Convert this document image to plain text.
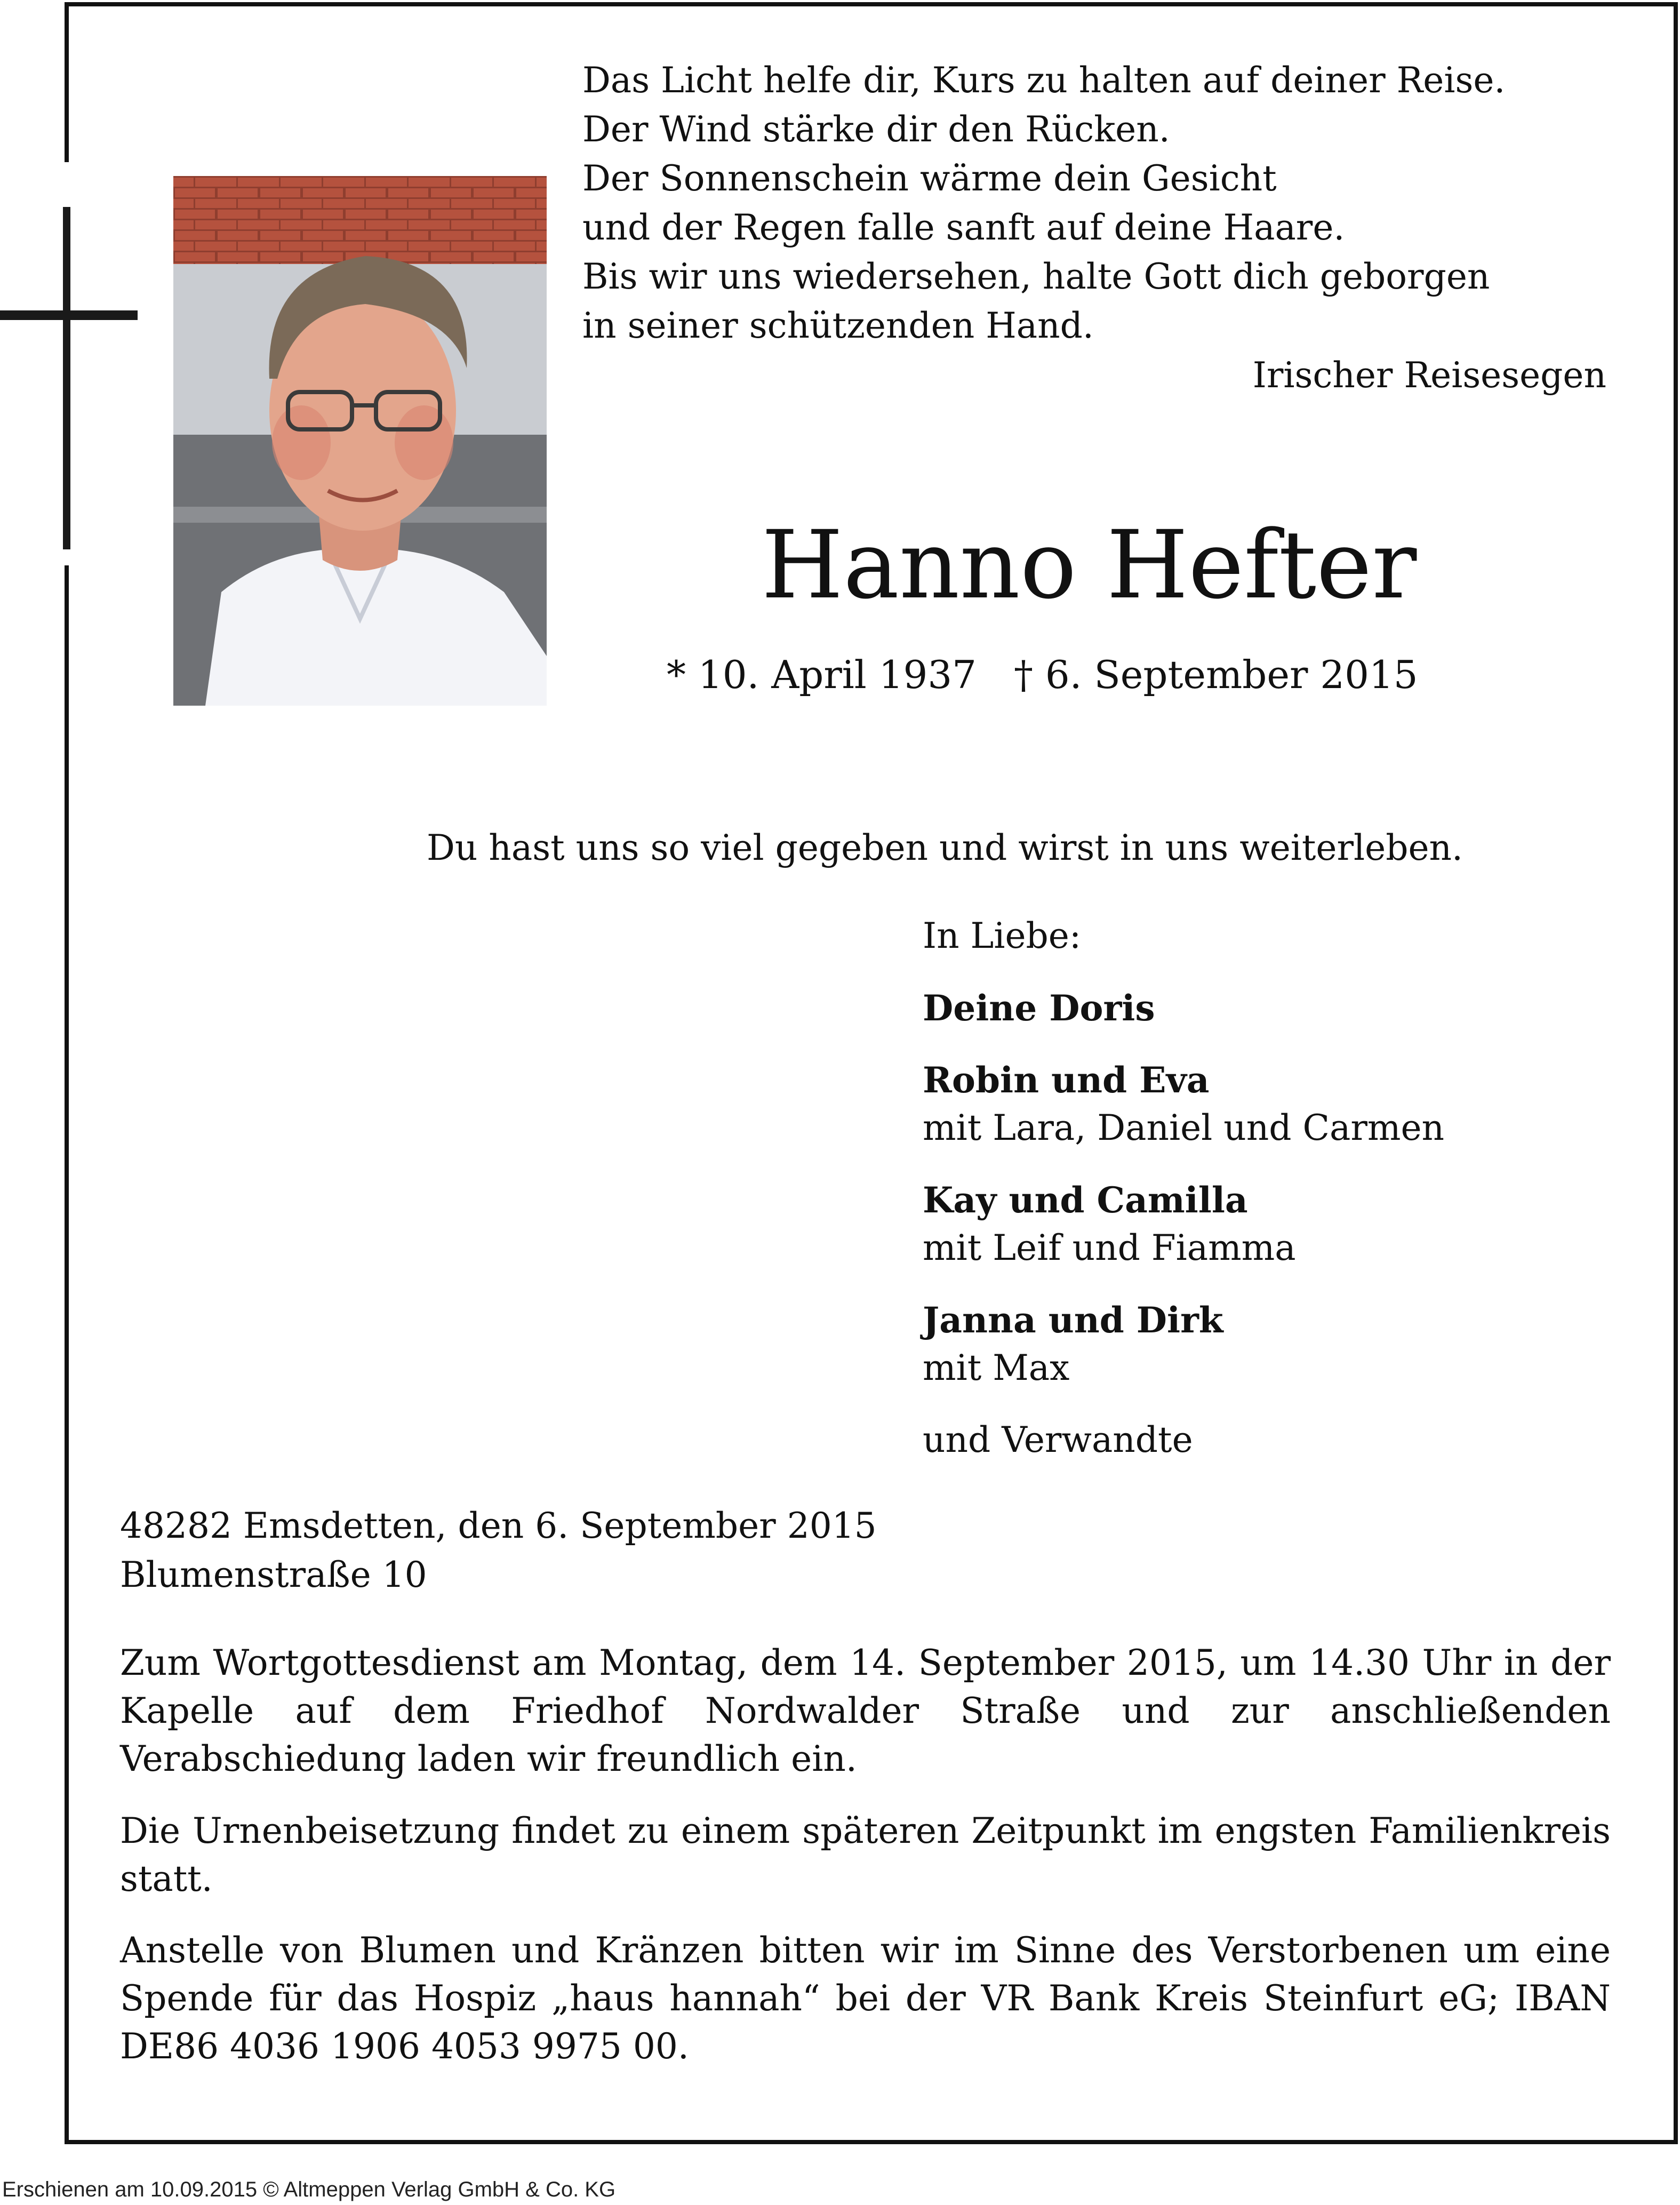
Das Licht helfe dir, Kurs zu halten auf deiner Reise.
Der Wind stärke dir den Rücken.
Der Sonnenschein wärme dein Gesicht
und der Regen falle sanft auf deine Haare.
Bis wir uns wiedersehen, halte Gott dich geborgen
in seiner schützenden Hand.
Irischer Reisesegen
Hanno Hefter
* 10. April 1937 † 6. September 2015
Du hast uns so viel gegeben und wirst in uns weiterleben.
In Liebe:
Deine Doris
Robin und Eva
mit Lara, Daniel und Carmen
Kay und Camilla
mit Leif und Fiamma
Janna und Dirk
mit Max
und Verwandte
48282 Emsdetten, den 6. September 2015
Blumenstraße 10
Zum Wortgottesdienst am Montag, dem 14. September 2015, um 14.30 Uhr in der Kapelle auf dem Friedhof Nordwalder Straße und zur anschließenden Verabschiedung laden wir freundlich ein.
Die Urnenbeisetzung findet zu einem späteren Zeitpunkt im engsten Familienkreis statt.
Anstelle von Blumen und Kränzen bitten wir im Sinne des Verstorbenen um eine Spende für das Hospiz „haus hannah“ bei der VR Bank Kreis Steinfurt eG; IBAN DE86 4036 1906 4053 9975 00.
Erschienen am 10.09.2015 © Altmeppen Verlag GmbH & Co. KG
